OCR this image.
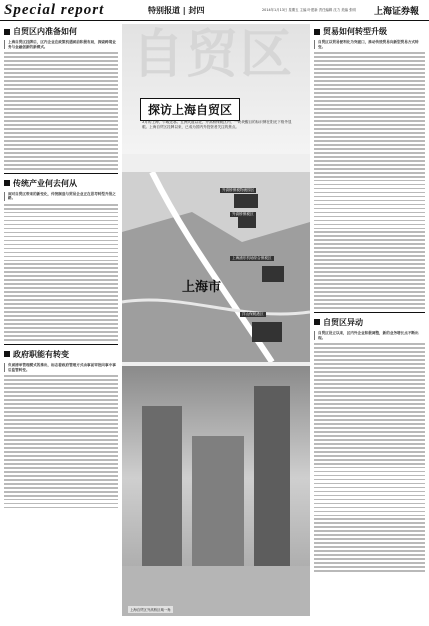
Special report	特别报道 | 封四	2014年1月13日 星期五 主编 叶建新 责任编辑 沈力 美编 张明 上海证券報
自贸区内准备如何
上海自贸区挂牌后，区内企业在政策机遇面前积极布局，探索跨境业务与金融创新的新模式。
传统产业何去何从
面对自贸区带来的新变化，传统制造与贸易企业正在思考转型升级之路。
政府职能有转变
负面清单管理模式的推出，标志着政府管理方式由事前审批向事中事后监管转变。
自贸区
探访上海自贸区
3月的上海，乍暖还寒。五洲大道以北，外高桥保税区内，一块块醒目的标识牌在阳光下格外显眼。上海自贸区挂牌以来，已成为国内外投资者关注的焦点。
外高桥保税物流园区
外高桥保税区
上海浦东机场综合保税区
洋山保税港区
上海市
上海自贸区外高桥区域一角
贸易如何转型升级
自贸区以贸易便利化为突破口，推动传统贸易向新型贸易方式转变。
自贸区异动
自贸区设立以来，区内外企业积极调整，新的业务增长点不断出现。
